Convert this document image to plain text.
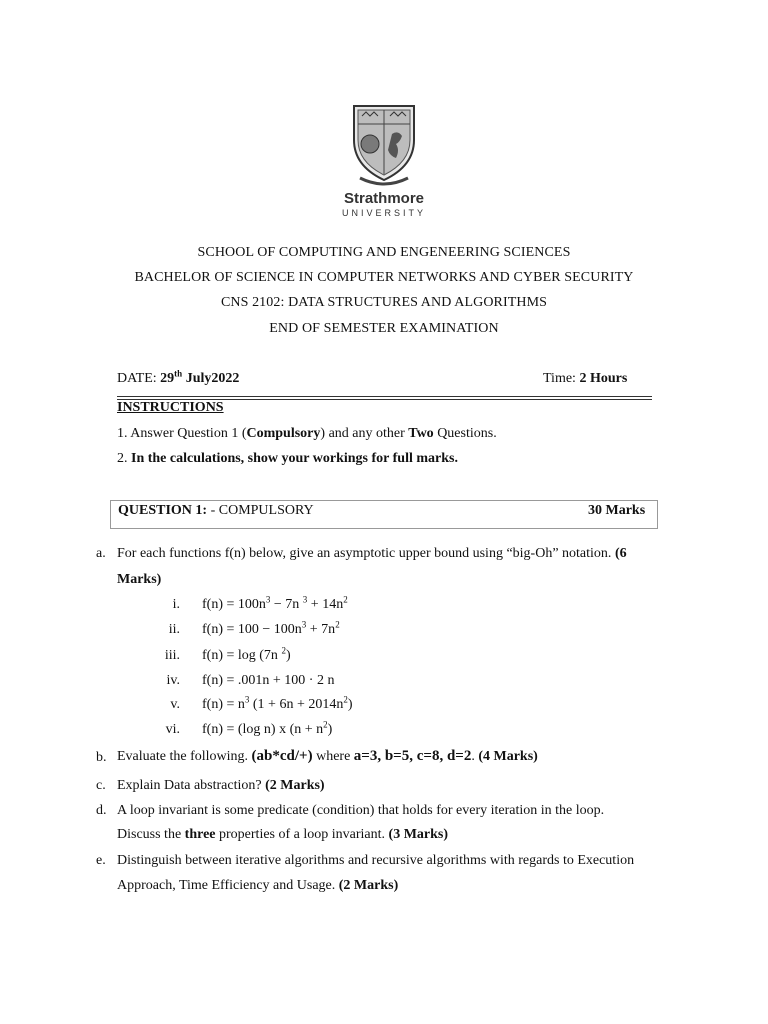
Strathmore
UNIVERSITY
SCHOOL OF COMPUTING AND ENGENEERING SCIENCES
BACHELOR OF SCIENCE IN COMPUTER NETWORKS AND CYBER SECURITY
CNS 2102: DATA STRUCTURES AND ALGORITHMS
END OF SEMESTER EXAMINATION
DATE: 29th July2022	Time: 2 Hours
INSTRUCTIONS
1. Answer Question 1 (Compulsory) and any other Two Questions.
2. In the calculations, show your workings for full marks.
QUESTION 1: - COMPULSORY	30 Marks
a. For each functions f(n) below, give an asymptotic upper bound using “big-Oh” notation. (6
Marks)
i. $f(n) = 100n^3 - 7n$ $^3 + 14n^2$
ii. $f(n) = 100 - 100n^3 + 7n^2$
iii. f(n) = log (7n $^2$)
iv. f(n) = .001n + 100 · 2 n
v. $f(n) = n^3$ $(1 + 6n + 2014n^2)$
vi. f(n) = (log n) x $(n + n^2)$
b. Evaluate the following. (ab*cd/+) where a=3, b=5, c=8, d=2. (4 Marks)
c. Explain Data abstraction? (2 Marks)
d. A loop invariant is some predicate (condition) that holds for every iteration in the loop.
Discuss the three properties of a loop invariant. (3 Marks)
e. Distinguish between iterative algorithms and recursive algorithms with regards to Execution
Approach, Time Efficiency and Usage. (2 Marks)
